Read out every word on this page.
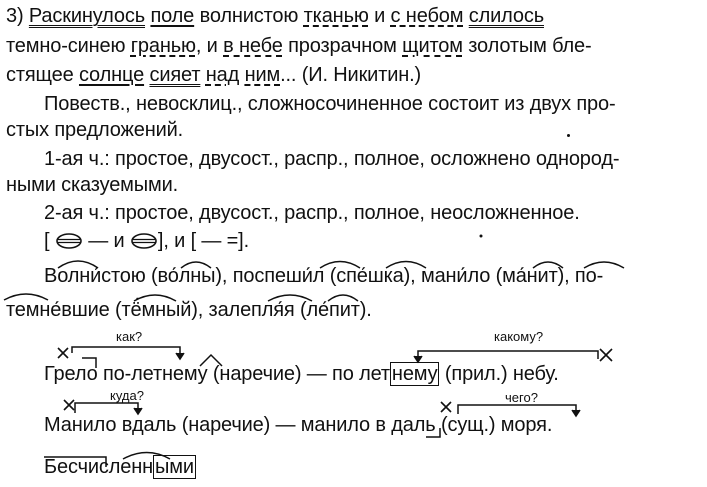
3) Раскинулось поле волнистою тканью и с небом слилось
темно-синею гранью, и в небе прозрачном щитом золотым бле-
стящее солнце сияет над ним... (И. Никитин.)
Повеств., невосклиц., сложносочиненное состоит из двух про-
стых предложений.
1-ая ч.: простое, двусост., распр., полное, осложнено однород-
ными сказуемыми.
2-ая ч.: простое, двусост., распр., полное, неосложненное.
[  — и ], и [ — =].
Волни́стою (во́лны), поспеши́л (спе́шка), мани́ло (ма́нит), по-
темне́вшие (тё́мный), залепля́я (ле́пит).
как?	какому?
Грело по-летнему (наречие) — по лет нему (прил.) небу.
куда?	чего?
Манило вдаль (наречие) — манило в даль (сущ.) моря.
Бесчисленн ыми
